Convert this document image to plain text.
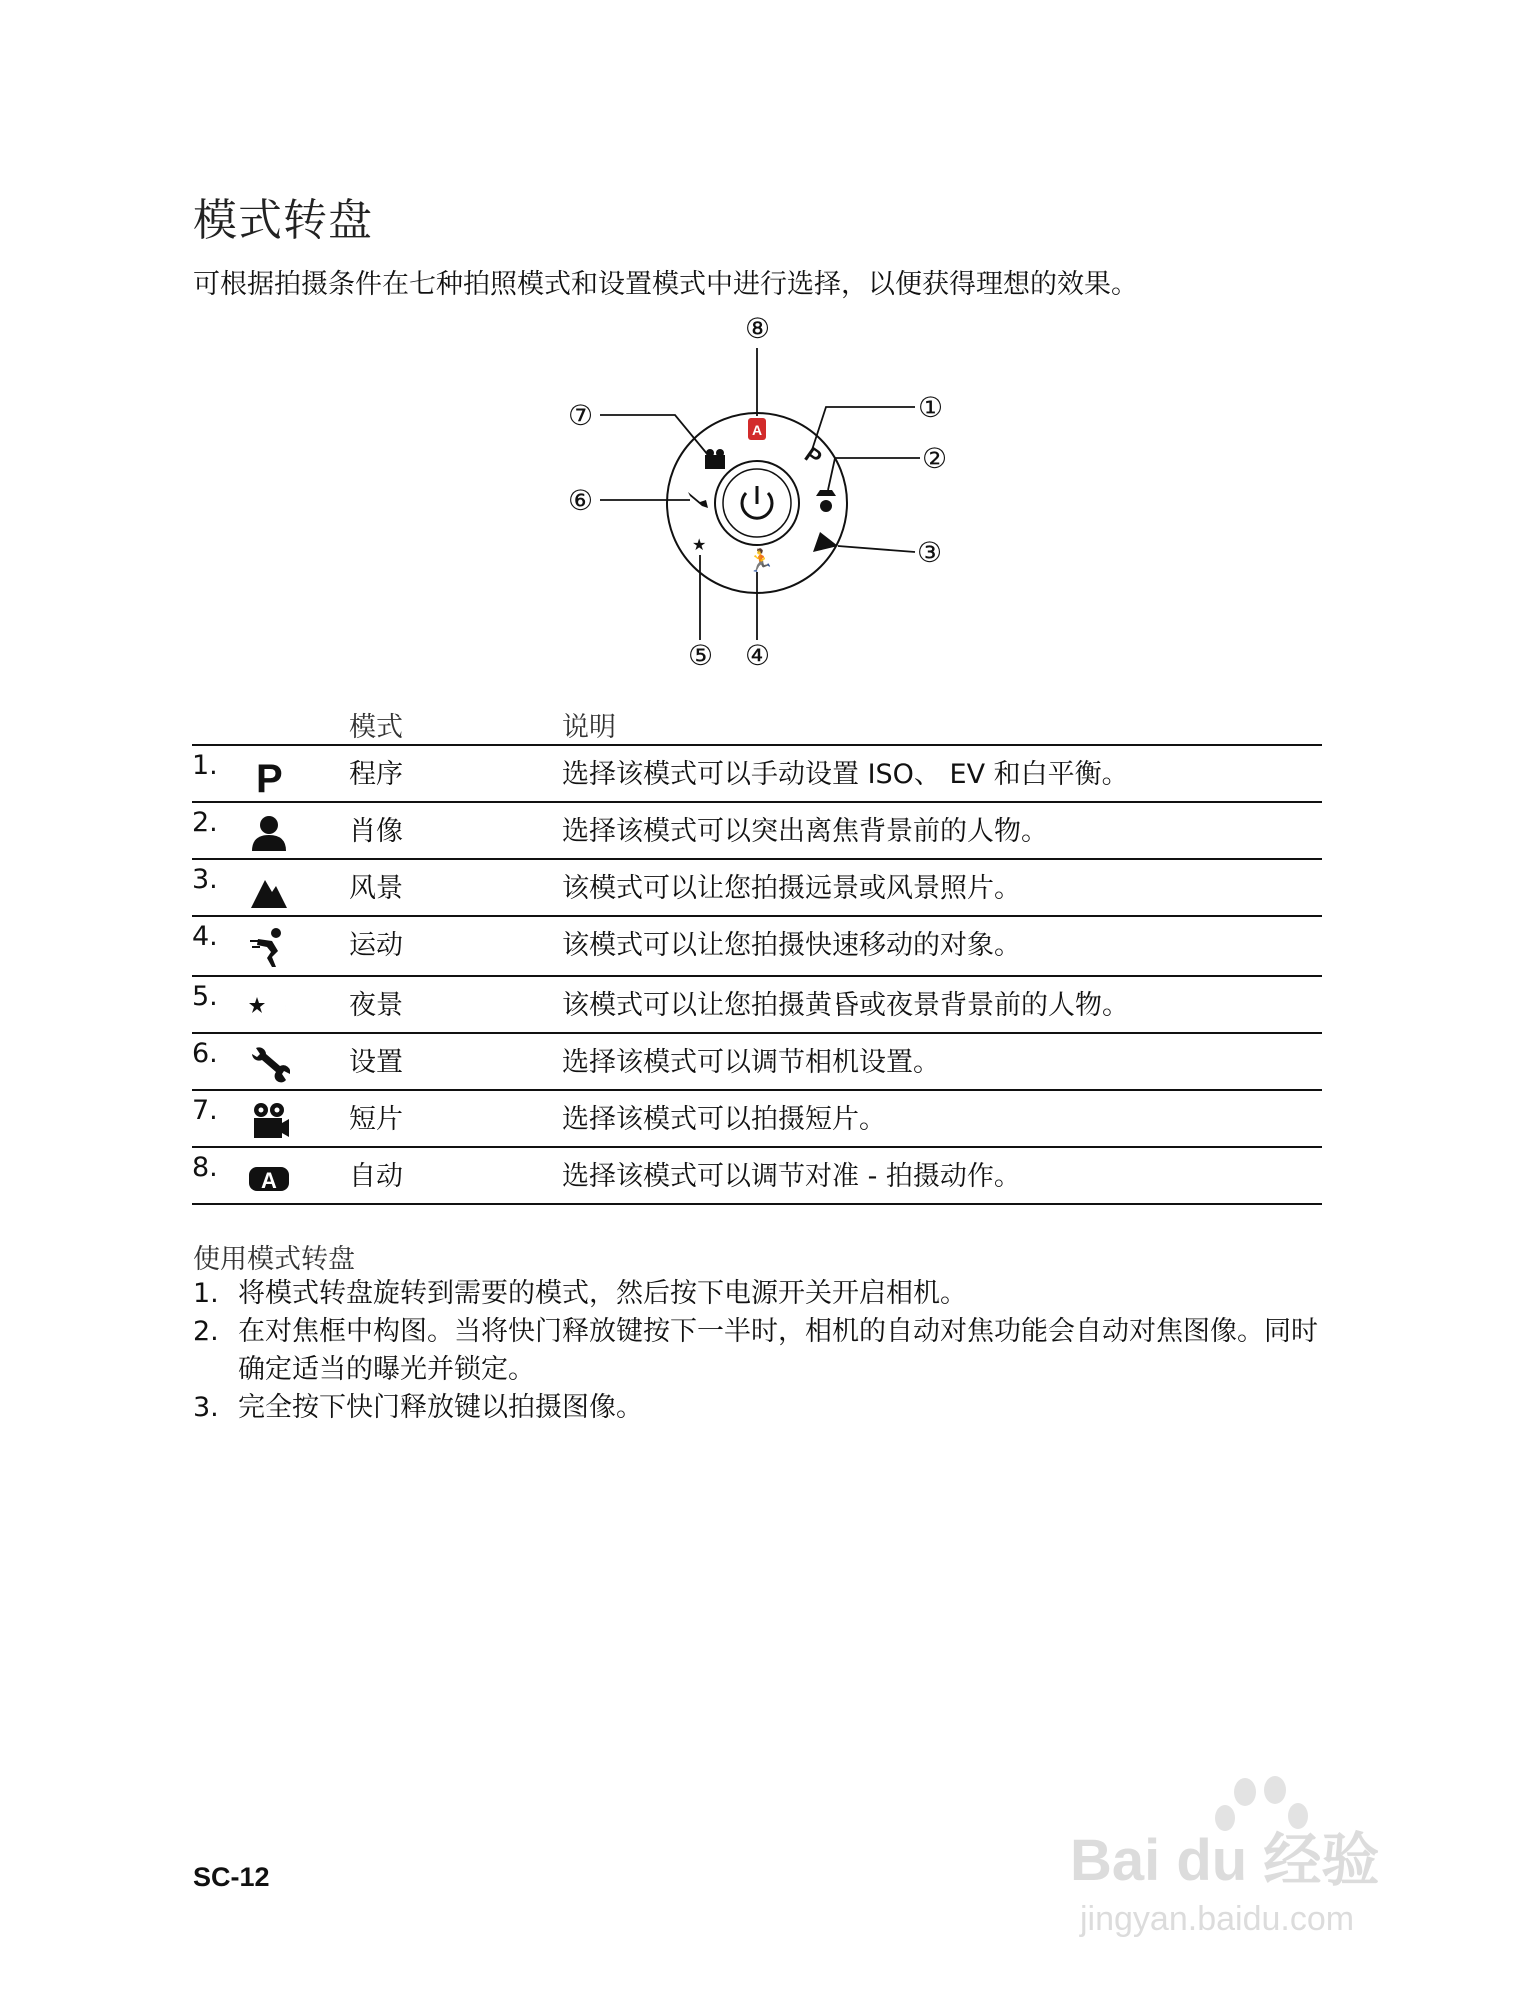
模式转盘
可根据拍摄条件在七种拍照模式和设置模式中进行选择，以便获得理想的效果。
A
P
🏃
★
⑧
①
②
③
④
⑤
⑥
⑦
模式	说明
1. P 程序	选择该模式可以手动设置 ISO、 EV 和白平衡。
2.	肖像	选择该模式可以突出离焦背景前的人物。
3.	风景	该模式可以让您拍摄远景或风景照片。
4.	运动	该模式可以让您拍摄快速移动的对象。
5.	夜景	该模式可以让您拍摄黄昏或夜景背景前的人物。
6.	设置	选择该模式可以调节相机设置。
7.	短片	选择该模式可以拍摄短片。
8. A	自动	选择该模式可以调节对准 - 拍摄动作。
使用模式转盘
1. 将模式转盘旋转到需要的模式，然后按下电源开关开启相机。
2. 在对焦框中构图。当将快门释放键按下一半时，相机的自动对焦功能会自动对焦图像。同时确定适当的曝光并锁定。
3. 完全按下快门释放键以拍摄图像。
SC-12	Bai du 经验
jingyan.baidu.com
